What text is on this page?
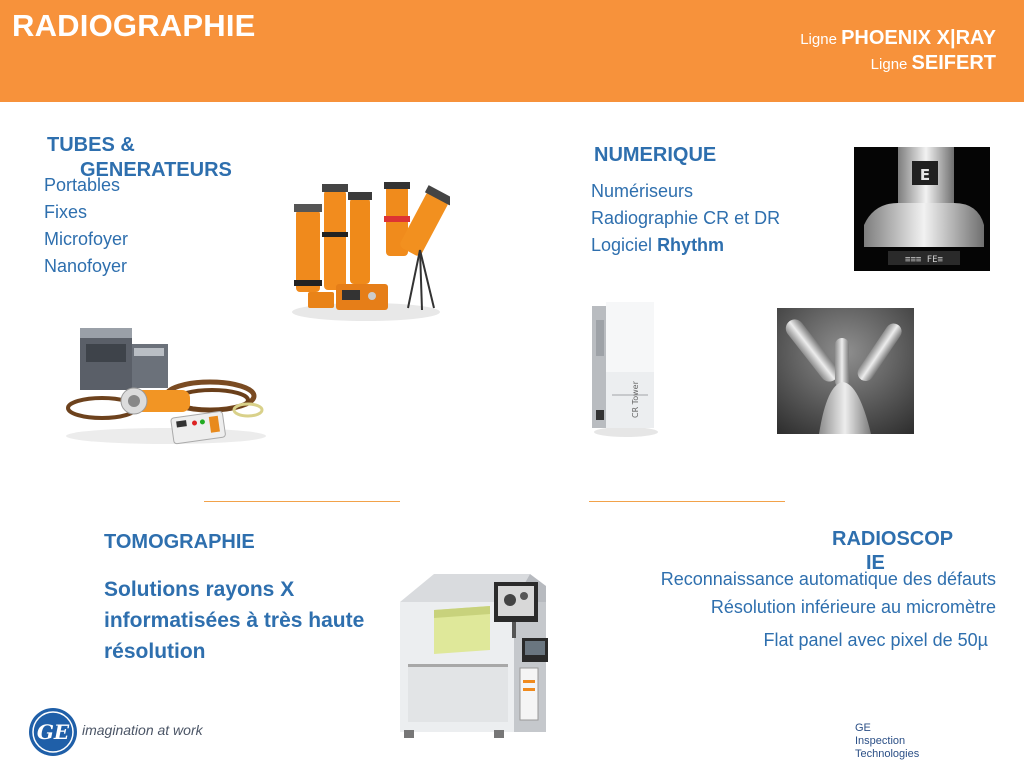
RADIOGRAPHIE	Ligne PHOENIX X|RAY
Ligne SEIFERT
TUBES &
GENERATEURS
Portables
Fixes
Microfoyer
Nanofoyer
NUMERIQUE
Numériseurs
Radiographie CR et DR
Logiciel Rhythm
E
≡≡≡ FE≡
CR Tower
TOMOGRAPHIE
Solutions rayons X informatisées à très haute résolution
RADIOSCOP
IE
Reconnaissance automatique des défauts
Résolution inférieure au micromètre
Flat panel avec pixel de 50µ
GE imagination at work	GE
Inspection
Technologies
